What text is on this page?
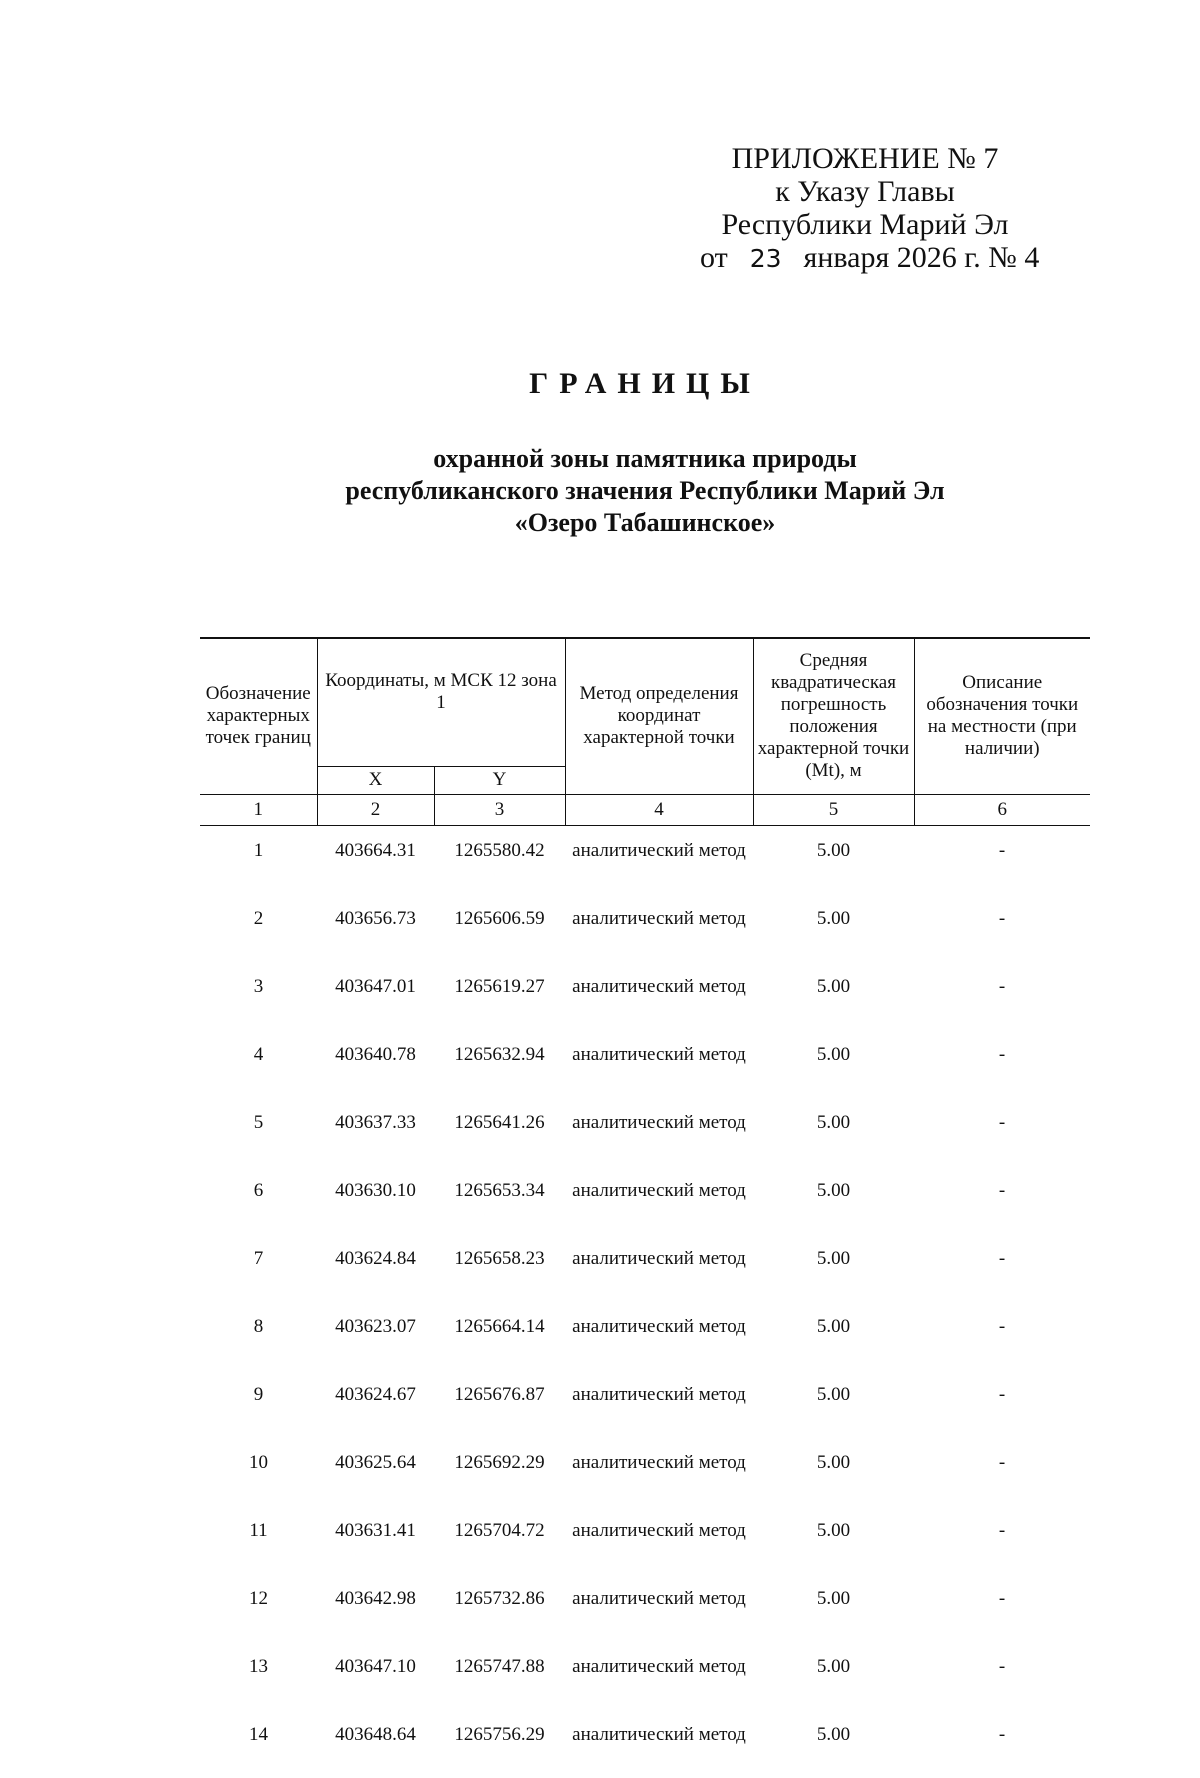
ПРИЛОЖЕНИЕ № 7
к Указу Главы
Республики Марий Эл
от 23 января 2026 г. № 4
ГРАНИЦЫ
охранной зоны памятника природы
республиканского значения Республики Марий Эл
«Озеро Табашинское»
Обозначение характерных точек границ	Координаты, м МСК 12 зона 1		Метод определения координат характерной точки	Средняя квадратическая погрешность положения характерной точки (Mt), м	Описание обозначения точки на местности (при наличии)
	X	Y			
1	2	3	4	5	6
1	403664.31	1265580.42	аналитический метод	5.00	-
2	403656.73	1265606.59	аналитический метод	5.00	-
3	403647.01	1265619.27	аналитический метод	5.00	-
4	403640.78	1265632.94	аналитический метод	5.00	-
5	403637.33	1265641.26	аналитический метод	5.00	-
6	403630.10	1265653.34	аналитический метод	5.00	-
7	403624.84	1265658.23	аналитический метод	5.00	-
8	403623.07	1265664.14	аналитический метод	5.00	-
9	403624.67	1265676.87	аналитический метод	5.00	-
10	403625.64	1265692.29	аналитический метод	5.00	-
11	403631.41	1265704.72	аналитический метод	5.00	-
12	403642.98	1265732.86	аналитический метод	5.00	-
13	403647.10	1265747.88	аналитический метод	5.00	-
14	403648.64	1265756.29	аналитический метод	5.00	-
